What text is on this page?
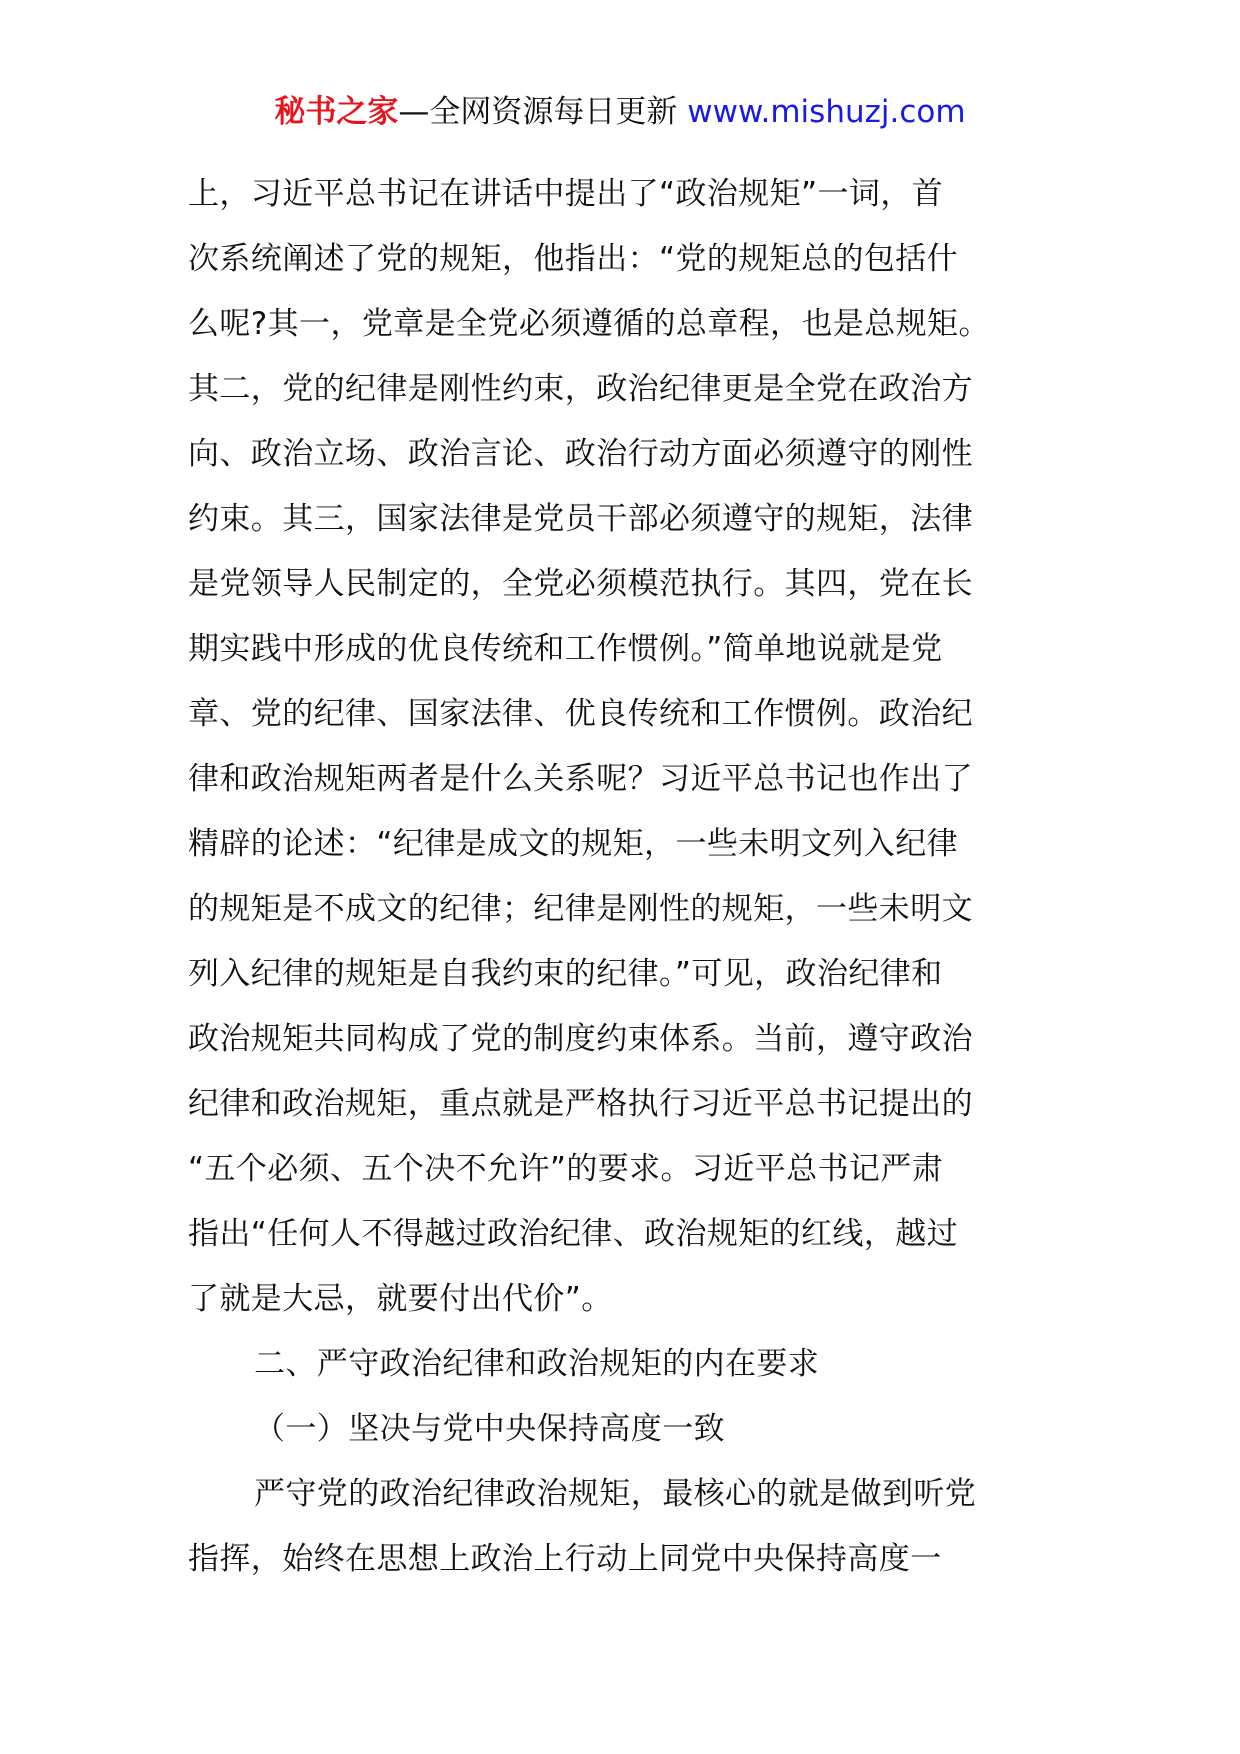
秘书之家—全网资源每日更新 www.mishuzj.com
上，习近平总书记在讲话中提出了“政治规矩”一词，首
次系统阐述了党的规矩，他指出：“党的规矩总的包括什
么呢?其一，党章是全党必须遵循的总章程，也是总规矩。
其二，党的纪律是刚性约束，政治纪律更是全党在政治方
向、政治立场、政治言论、政治行动方面必须遵守的刚性
约束。其三，国家法律是党员干部必须遵守的规矩，法律
是党领导人民制定的，全党必须模范执行。其四，党在长
期实践中形成的优良传统和工作惯例。”简单地说就是党
章、党的纪律、国家法律、优良传统和工作惯例。政治纪
律和政治规矩两者是什么关系呢？习近平总书记也作出了
精辟的论述：“纪律是成文的规矩，一些未明文列入纪律
的规矩是不成文的纪律；纪律是刚性的规矩，一些未明文
列入纪律的规矩是自我约束的纪律。”可见，政治纪律和
政治规矩共同构成了党的制度约束体系。当前，遵守政治
纪律和政治规矩，重点就是严格执行习近平总书记提出的
“五个必须、五个决不允许”的要求。习近平总书记严肃
指出“任何人不得越过政治纪律、政治规矩的红线，越过
了就是大忌，就要付出代价”。
二、严守政治纪律和政治规矩的内在要求
（一）坚决与党中央保持高度一致
严守党的政治纪律政治规矩，最核心的就是做到听党
指挥，始终在思想上政治上行动上同党中央保持高度一
